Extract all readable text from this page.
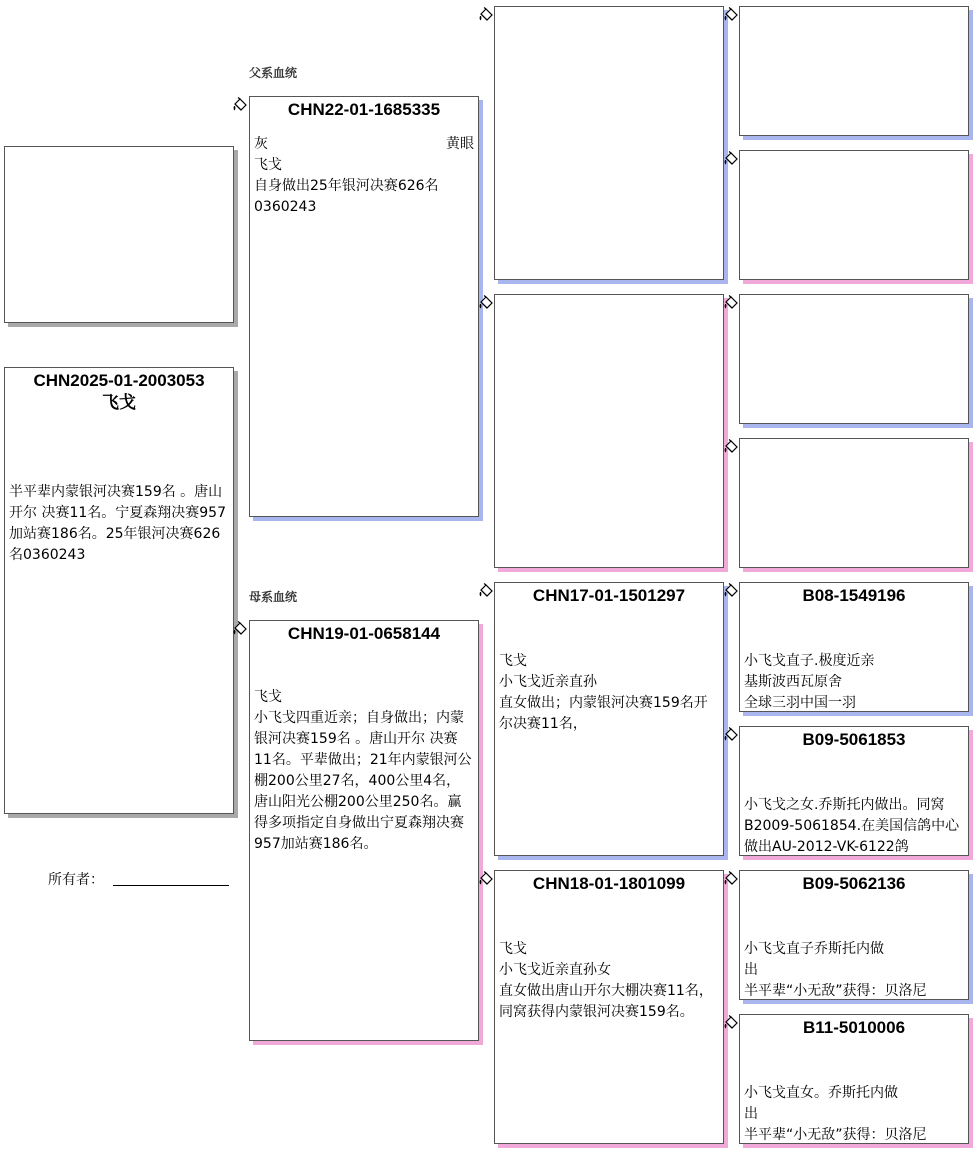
父系血统
母系血统
CHN2025-01-2003053
飞戈
半平辈内蒙银河决赛159名 。唐山开尔 决赛11名。宁夏森翔决赛957加站赛186名。25年银河决赛626名0360243
CHN22-01-1685335
灰	黄眼
飞戈
自身做出25年银河决赛626名0360243
CHN19-01-0658144
飞戈
小飞戈四重近亲；自身做出；内蒙银河决赛159名 。唐山开尔 决赛11名。平辈做出；21年内蒙银河公棚200公里27名，400公里4名，唐山阳光公棚200公里250名。赢得多项指定自身做出宁夏森翔决赛957加站赛186名。
CHN17-01-1501297
飞戈
小飞戈近亲直孙
直女做出；内蒙银河决赛159名开尔决赛11名，
CHN18-01-1801099
飞戈
小飞戈近亲直孙女
直女做出唐山开尔大棚决赛11名，同窝获得内蒙银河决赛159名。
B08-1549196
小飞戈直子.极度近亲
基斯波西瓦原舍
全球三羽中国一羽
B09-5061853
小飞戈之女.乔斯托内做出。同窝B2009-5061854.在美国信鸽中心做出AU-2012-VK-6122鸽
B09-5062136
小飞戈直子乔斯托内做
出
半平辈“小无敌”获得：贝洛尼
B11-5010006
小飞戈直女。乔斯托内做
出
半平辈“小无敌”获得：贝洛尼
所有者：
